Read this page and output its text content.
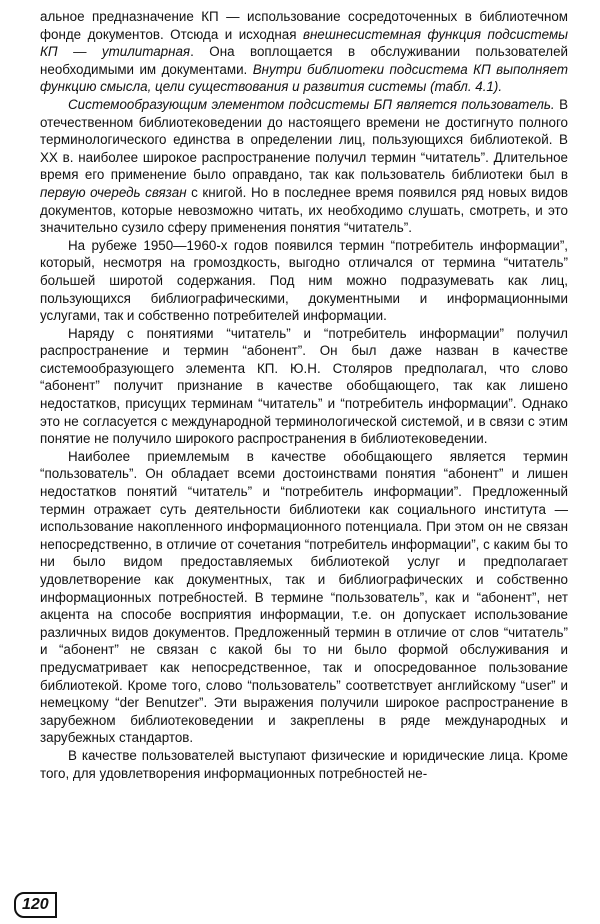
альное предназначение КП — использование сосредоточенных в библиотечном фонде документов. Отсюда и исходная внешнесистемная функция подсистемы КП — утилитарная. Она воплощается в обслуживании пользователей необходимыми им документами. Внутри библиотеки подсистема КП выполняет функцию смысла, цели существования и развития системы (табл. 4.1).

Системообразующим элементом подсистемы БП является пользователь. В отечественном библиотековедении до настоящего времени не достигнуто полного терминологического единства в определении лиц, пользующихся библиотекой. В XX в. наиболее широкое распространение получил термин “читатель”. Длительное время его применение было оправдано, так как пользователь библиотеки был в первую очередь связан с книгой. Но в последнее время появился ряд новых видов документов, которые невозможно читать, их необходимо слушать, смотреть, и это значительно сузило сферу применения понятия “читатель”.

На рубеже 1950—1960-х годов появился термин “потребитель информации”, который, несмотря на громоздкость, выгодно отличался от термина “читатель” большей широтой содержания. Под ним можно подразумевать как лиц, пользующихся библиографическими, документными и информационными услугами, так и собственно потребителей информации.

Наряду с понятиями “читатель” и “потребитель информации” получил распространение и термин “абонент”. Он был даже назван в качестве системообразующего элемента КП. Ю.Н. Столяров предполагал, что слово “абонент” получит признание в качестве обобщающего, так как лишено недостатков, присущих терминам “читатель” и “потребитель информации”. Однако это не согласуется с международной терминологической системой, и в связи с этим понятие не получило широкого распространения в библиотековедении.

Наиболее приемлемым в качестве обобщающего является термин “пользователь”. Он обладает всеми достоинствами понятия “абонент” и лишен недостатков понятий “читатель” и “потребитель информации”. Предложенный термин отражает суть деятельности библиотеки как социального института — использование накопленного информационного потенциала. При этом он не связан непосредственно, в отличие от сочетания “потребитель информации”, с каким бы то ни было видом предоставляемых библиотекой услуг и предполагает удовлетворение как документных, так и библиографических и собственно информационных потребностей. В термине “пользователь”, как и “абонент”, нет акцента на способе восприятия информации, т.е. он допускает использование различных видов документов. Предложенный термин в отличие от слов “читатель” и “абонент” не связан с какой бы то ни было формой обслуживания и предусматривает как непосредственное, так и опосредованное пользование библиотекой. Кроме того, слово “пользователь” соответствует английскому “user” и немецкому “der Benutzer”. Эти выражения получили широкое распространение в зарубежном библиотековедении и закреплены в ряде международных и зарубежных стандартов.

В качестве пользователей выступают физические и юридические лица. Кроме того, для удовлетворения информационных потребностей не-

120
